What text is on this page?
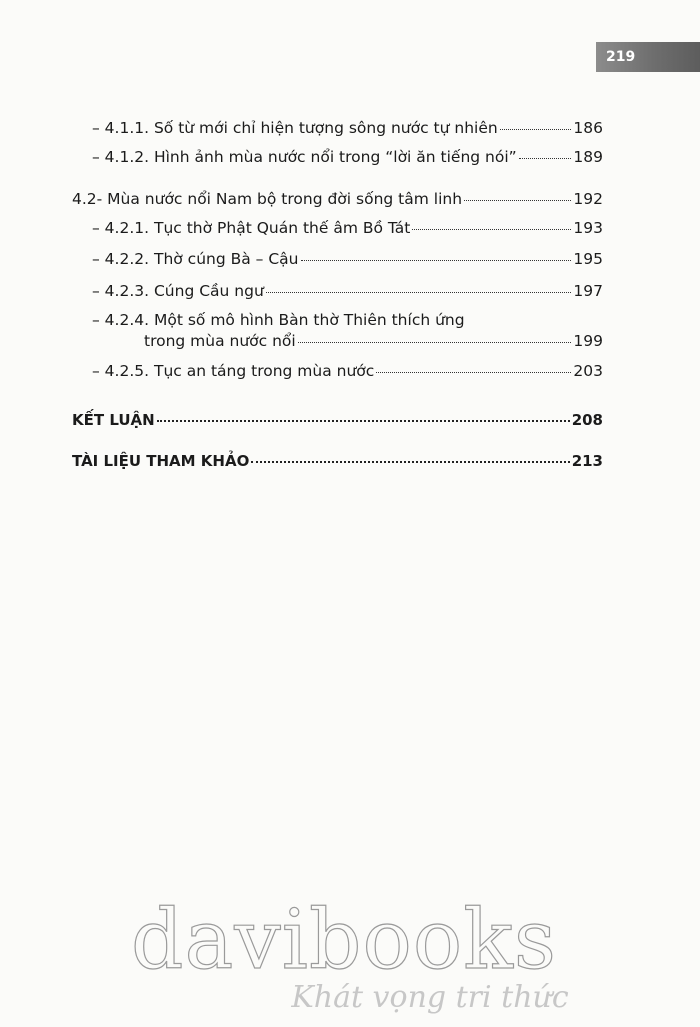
219
– 4.1.1. Số từ mới chỉ hiện tượng sông nước tự nhiên	186
– 4.1.2. Hình ảnh mùa nước nổi trong “lời ăn tiếng nói”	189
4.2- Mùa nước nổi Nam bộ trong đời sống tâm linh	192
– 4.2.1. Tục thờ Phật Quán thế âm Bồ Tát	193
– 4.2.2. Thờ cúng Bà – Cậu	195
– 4.2.3. Cúng Cầu ngư	197
– 4.2.4. Một số mô hình Bàn thờ Thiên thích ứng
trong mùa nước nổi	199
– 4.2.5. Tục an táng trong mùa nước	203
KẾT LUẬN	208
TÀI LIỆU THAM KHẢO	213
davibooks
Khát vọng tri thức
